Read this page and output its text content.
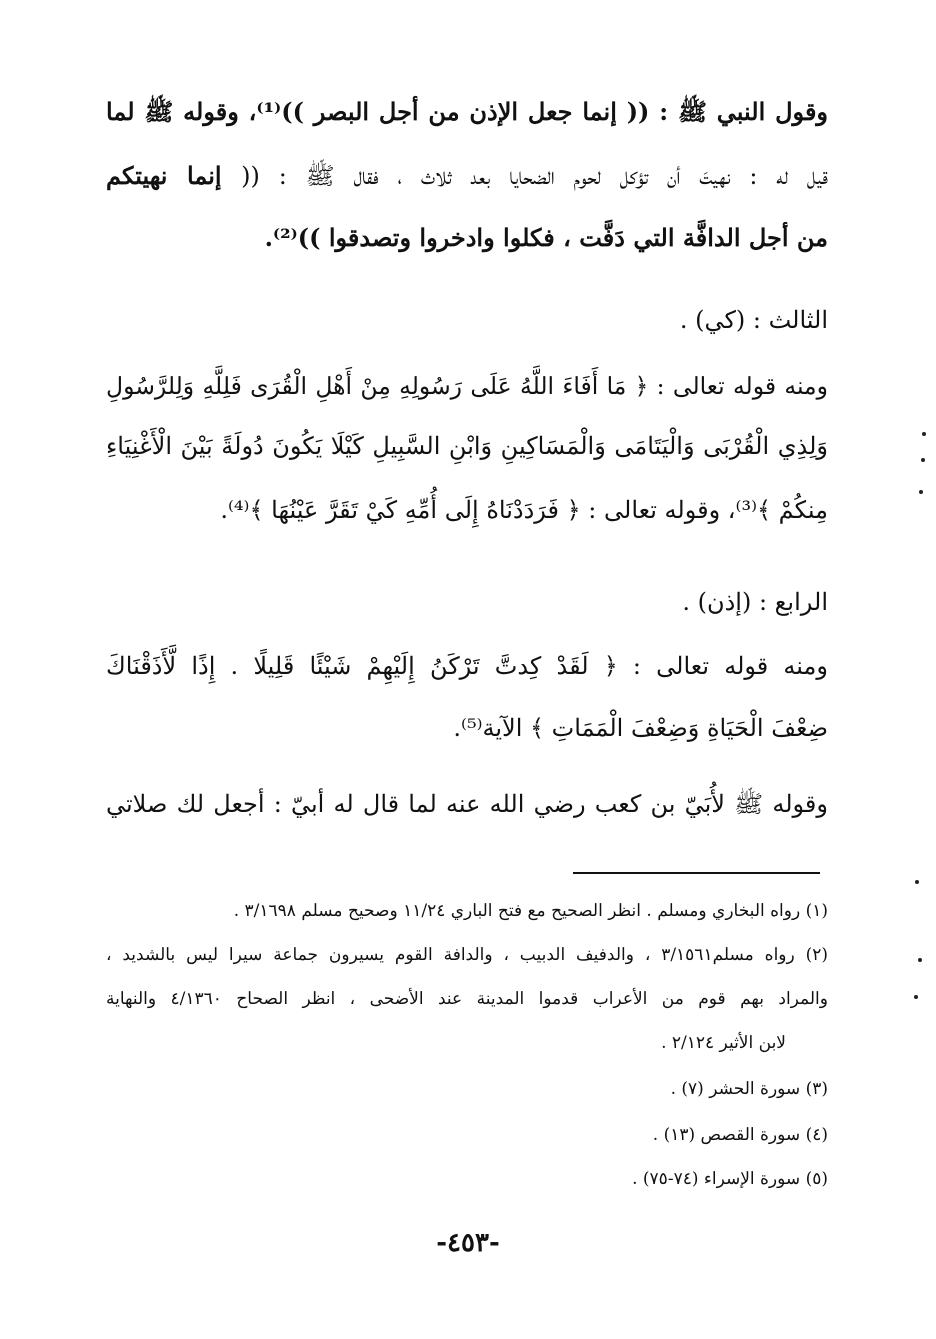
وقول النبي ﷺ : (( إنما جعل الإذن من أجل البصر ))⁽¹⁾، وقوله ﷺ لما
قيل له : نهيتَ أن تؤكل لحوم الضحايا بعد ثلاث ، فقال ﷺ : (( إنما نهيتكم
من أجل الدافَّة التي دَفَّت ، فكلوا وادخروا وتصدقوا ))⁽²⁾.
الثالث : (كي) .
ومنه قوله تعالى : ﴿ مَا أَفَاءَ اللَّهُ عَلَى رَسُولِهِ مِنْ أَهْلِ الْقُرَى فَلِلَّهِ وَلِلرَّسُولِ
وَلِذِي الْقُرْبَى وَالْيَتَامَى وَالْمَسَاكِينِ وَابْنِ السَّبِيلِ كَيْلَا يَكُونَ دُولَةً بَيْنَ الْأَغْنِيَاءِ
مِنكُمْ ﴾⁽³⁾، وقوله تعالى : ﴿ فَرَدَدْنَاهُ إِلَى أُمِّهِ كَيْ تَقَرَّ عَيْنُهَا ﴾⁽⁴⁾.
الرابع : (إذن) .
ومنه قوله تعالى : ﴿ لَقَدْ كِدتَّ تَرْكَنُ إِلَيْهِمْ شَيْئًا قَلِيلًا . إِذًا لَّأَذَقْنَاكَ
ضِعْفَ الْحَيَاةِ وَضِعْفَ الْمَمَاتِ ﴾ الآية⁽⁵⁾.
وقوله ﷺ لأُبَيّ بن كعب رضي الله عنه لما قال له أبيّ : أجعل لك صلاتي
(١) رواه البخاري ومسلم . انظر الصحيح مع فتح الباري ١١/٢٤ وصحيح مسلم ٣/١٦٩٨ .
(٢) رواه مسلم٣/١٥٦١ ، والدفيف الدبيب ، والدافة القوم يسيرون جماعة سيرا ليس بالشديد ،
والمراد بهم قوم من الأعراب قدموا المدينة عند الأضحى ، انظر الصحاح ٤/١٣٦٠ والنهاية
لابن الأثير ٢/١٢٤ .
(٣) سورة الحشر (٧) .
(٤) سورة القصص (١٣) .
(٥) سورة الإسراء (٧٤-٧٥) .
-٤٥٣-
